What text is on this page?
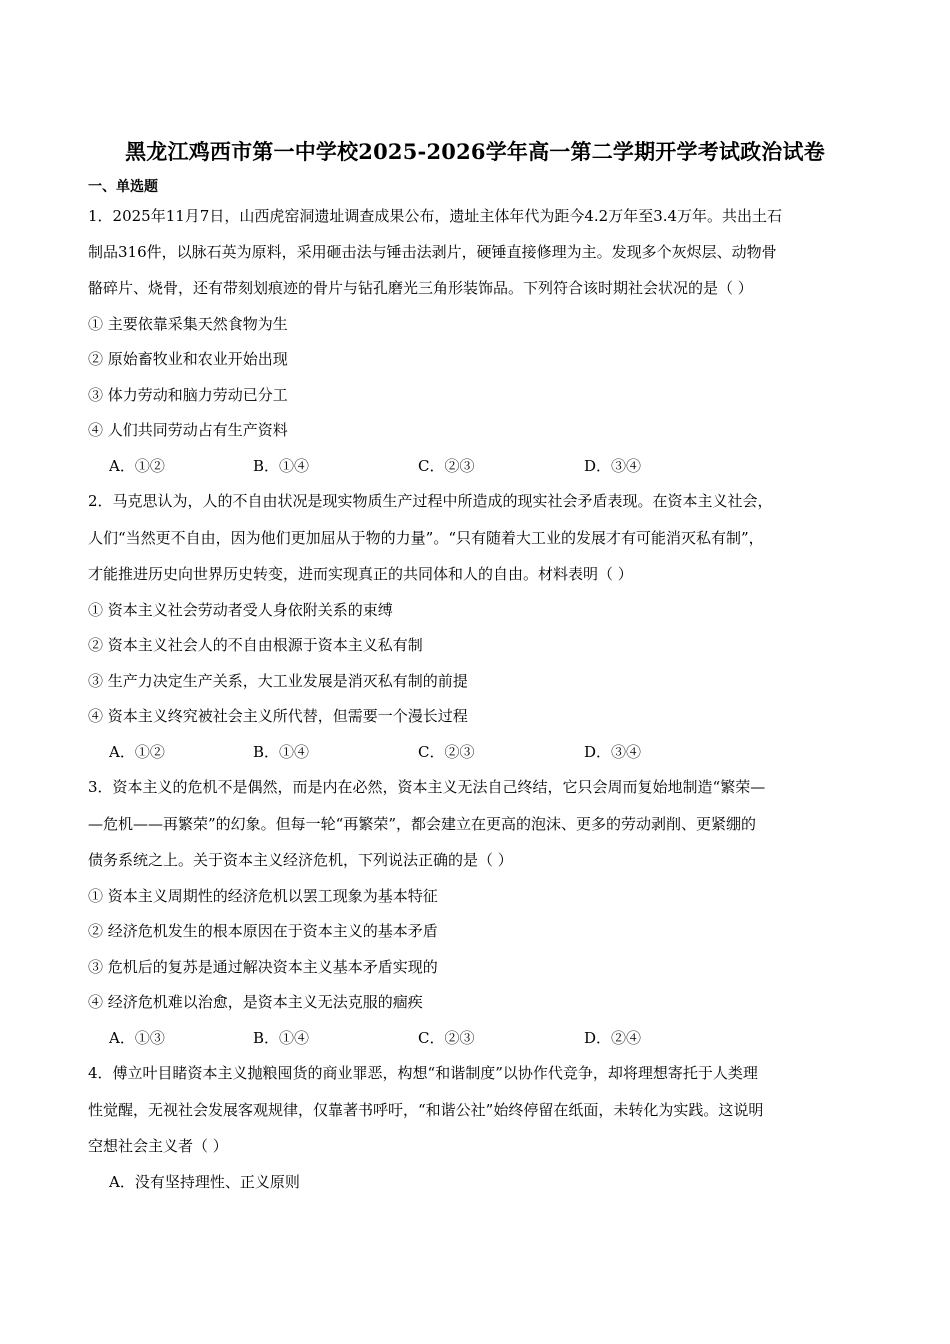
黑龙江鸡西市第一中学校2025-2026学年高一第二学期开学考试政治试卷
一、单选题
1．2025年11月7日，山西虎窑洞遗址调查成果公布，遗址主体年代为距今4.2万年至3.4万年。共出土石
制品316件，以脉石英为原料，采用砸击法与锤击法剥片，硬锤直接修理为主。发现多个灰烬层、动物骨
骼碎片、烧骨，还有带刻划痕迹的骨片与钻孔磨光三角形装饰品。下列符合该时期社会状况的是（ ）
① 主要依靠采集天然食物为生
② 原始畜牧业和农业开始出现
③ 体力劳动和脑力劳动已分工
④ 人们共同劳动占有生产资料
A．①②	B．①④	C．②③	D．③④
2．马克思认为，人的不自由状况是现实物质生产过程中所造成的现实社会矛盾表现。在资本主义社会，
人们“当然更不自由，因为他们更加屈从于物的力量”。“只有随着大工业的发展才有可能消灭私有制”，
才能推进历史向世界历史转变，进而实现真正的共同体和人的自由。材料表明（ ）
① 资本主义社会劳动者受人身依附关系的束缚
② 资本主义社会人的不自由根源于资本主义私有制
③ 生产力决定生产关系，大工业发展是消灭私有制的前提
④ 资本主义终究被社会主义所代替，但需要一个漫长过程
A．①②	B．①④	C．②③	D．③④
3．资本主义的危机不是偶然，而是内在必然，资本主义无法自己终结，它只会周而复始地制造“繁荣—
—危机——再繁荣”的幻象。但每一轮“再繁荣”，都会建立在更高的泡沫、更多的劳动剥削、更紧绷的
债务系统之上。关于资本主义经济危机，下列说法正确的是（ ）
① 资本主义周期性的经济危机以罢工现象为基本特征
② 经济危机发生的根本原因在于资本主义的基本矛盾
③ 危机后的复苏是通过解决资本主义基本矛盾实现的
④ 经济危机难以治愈，是资本主义无法克服的痼疾
A．①③	B．①④	C．②③	D．②④
4．傅立叶目睹资本主义抛粮囤货的商业罪恶，构想“和谐制度”以协作代竞争，却将理想寄托于人类理
性觉醒，无视社会发展客观规律，仅靠著书呼吁，“和谐公社”始终停留在纸面，未转化为实践。这说明
空想社会主义者（ ）
A．没有坚持理性、正义原则
